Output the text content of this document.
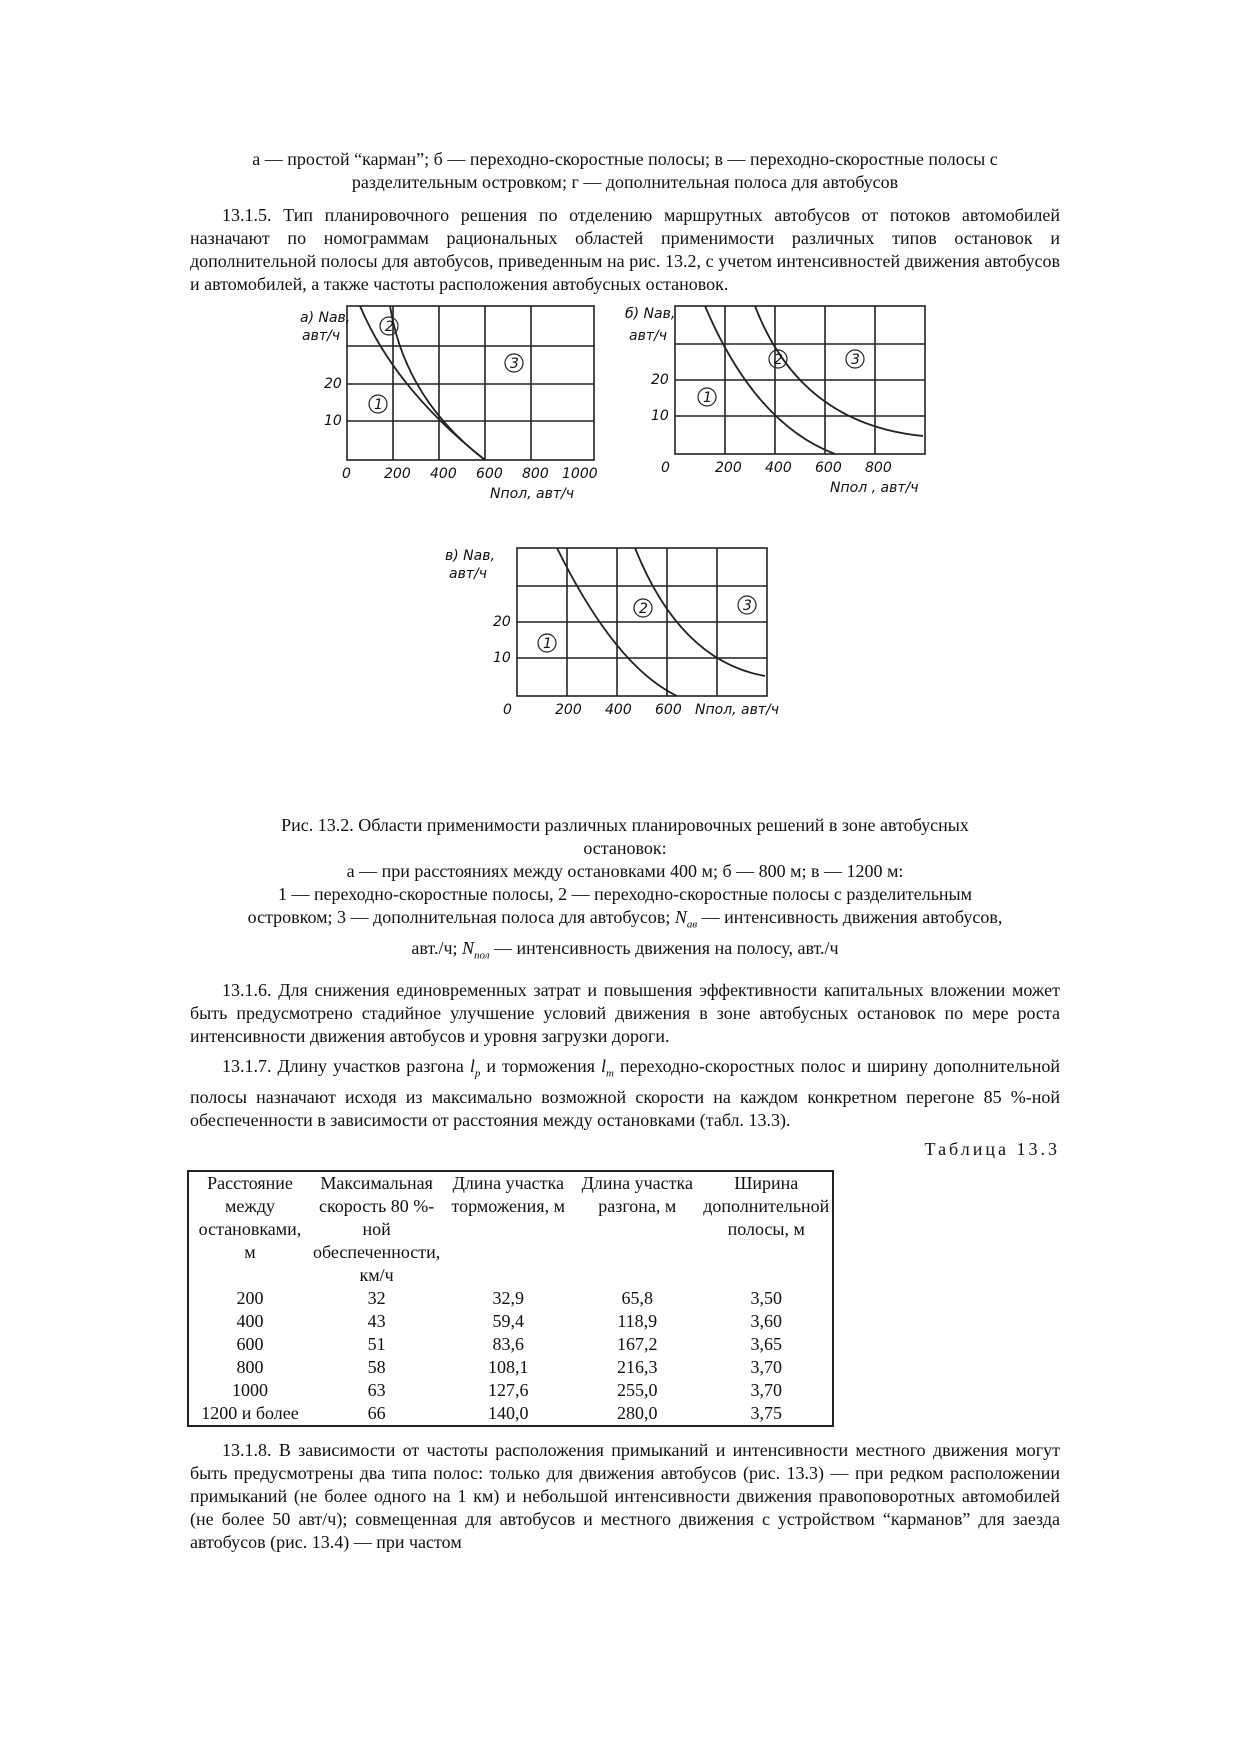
а — простой “карман”; б — переходно-скоростные полосы; в — переходно-скоростные полосы с
разделительным островком; г — дополнительная полоса для автобусов

13.1.5. Тип планировочного решения по отделению маршрутных автобусов от потоков автомобилей назначают по номограммам рациональных областей применимости различных типов остановок и дополнительной полосы для автобусов, приведенным на рис. 13.2, с учетом интенсивностей движения автобусов и автомобилей, а также частоты расположения автобусных остановок.

1
2
3
а) Nав,
авт/ч
20
10
0 200 400 600 800 1000
Nпол, авт/ч
1
2	3
б) Nав,
авт/ч
20
10
0	200 400 600 800
Nпол , авт/ч
1
2	3
в) Nав,
авт/ч
20
10
0	200 400 600 Nпол, авт/ч
Рис. 13.2. Области применимости различных планировочных решений в зоне автобусных
остановок:
а — при расстояниях между остановками 400 м; б — 800 м; в — 1200 м:
1 — переходно-скоростные полосы, 2 — переходно-скоростные полосы с разделительным
островком; 3 — дополнительная полоса для автобусов; $N_{ав}$ — интенсивность движения автобусов,
авт./ч; $N_{пол}$ — интенсивность движения на полосу, авт./ч

13.1.6. Для снижения единовременных затрат и повышения эффективности капитальных вложении может быть предусмотрено стадийное улучшение условий движения в зоне автобусных остановок по мере роста интенсивности движения автобусов и уровня загрузки дороги.

13.1.7. Длину участков разгона $l_р$ и торможения $l_т$ переходно-скоростных полос и ширину дополнительной полосы назначают исходя из максимально возможной скорости на каждом конкретном перегоне 85 %-ной обеспеченности в зависимости от расстояния между остановками (табл. 13.3).

Таблица 13.3
Расстояние между остановками, м	Максимальная скорость 80 %-ной обеспеченности, км/ч	Длина участка торможения, м	Длина участка разгона, м	Ширина дополнительной полосы, м
200	32	32,9	65,8	3,50
400	43	59,4	118,9	3,60
600	51	83,6	167,2	3,65
800	58	108,1	216,3	3,70
1000	63	127,6	255,0	3,70
1200 и более	66	140,0	280,0	3,75

13.1.8. В зависимости от частоты расположения примыканий и интенсивности местного движения могут быть предусмотрены два типа полос: только для движения автобусов (рис. 13.3) — при редком расположении примыканий (не более одного на 1 км) и небольшой интенсивности движения правоповоротных автомобилей (не более 50 авт/ч); совмещенная для автобусов и местного движения с устройством “карманов” для заезда автобусов (рис. 13.4) — при частом
